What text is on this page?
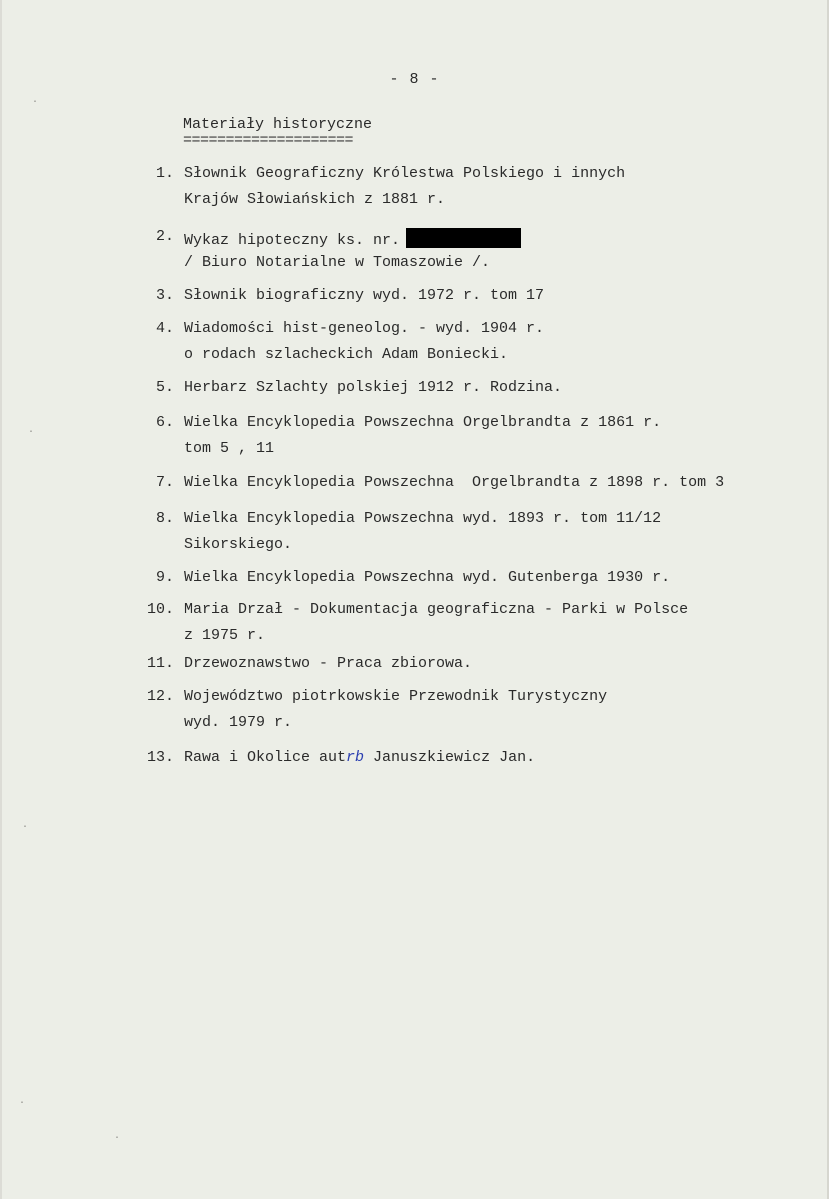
- 8 -
Materiały historyczne
====================
1. Słownik Geograficzny Królestwa Polskiego i innych
Krajów Słowiańskich z 1881 r.
2. Wykaz hipoteczny ks. nr.
/ Biuro Notarialne w Tomaszowie /.
3. Słownik biograficzny wyd. 1972 r. tom 17
4. Wiadomości hist-geneolog. - wyd. 1904 r.
o rodach szlacheckich Adam Boniecki.
5. Herbarz Szlachty polskiej 1912 r. Rodzina.
6. Wielka Encyklopedia Powszechna Orgelbrandta z 1861 r.
tom 5 , 11
7. Wielka Encyklopedia Powszechna  Orgelbrandta z 1898 r. tom 3
8. Wielka Encyklopedia Powszechna wyd. 1893 r. tom 11/12
Sikorskiego.
9. Wielka Encyklopedia Powszechna wyd. Gutenberga 1930 r.
10. Maria Drzał - Dokumentacja geograficzna - Parki w Polsce
z 1975 r.
11. Drzewoznawstwo - Praca zbiorowa.
12. Województwo piotrkowskie Przewodnik Turystyczny
wyd. 1979 r.
13. Rawa i Okolice autrb Januszkiewicz Jan.
·
·
·
·
·
